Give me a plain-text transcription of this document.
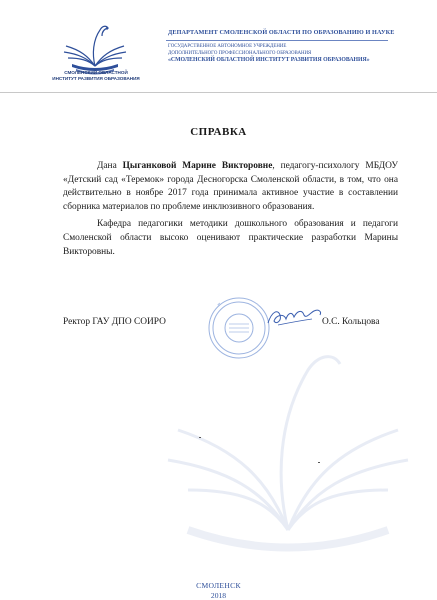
СМОЛЕНСКИЙ ОБЛАСТНОЙ
ИНСТИТУТ РАЗВИТИЯ ОБРАЗОВАНИЯ
ДЕПАРТАМЕНТ СМОЛЕНСКОЙ ОБЛАСТИ ПО ОБРАЗОВАНИЮ И НАУКЕ
ГОСУДАРСТВЕННОЕ АВТОНОМНОЕ УЧРЕЖДЕНИЕ
ДОПОЛНИТЕЛЬНОГО ПРОФЕССИОНАЛЬНОГО ОБРАЗОВАНИЯ
«СМОЛЕНСКИЙ ОБЛАСТНОЙ ИНСТИТУТ РАЗВИТИЯ ОБРАЗОВАНИЯ»
СПРАВКА

Дана Цыганковой Марине Викторовне, педагогу-психологу МБДОУ «Детский сад «Теремок» города Десногорска Смоленской области, в том, что она действительно в ноябре 2017 года принимала активное участие в составлении сборника материалов по проблеме инклюзивного образования.

Кафедра педагогики методики дошкольного образования и педагоги Смоленской области высоко оценивают практические разработки Марины Викторовны.

Ректор ГАУ ДПО СОИРО	О.С. Кольцова
СМОЛЕНСК
2018
